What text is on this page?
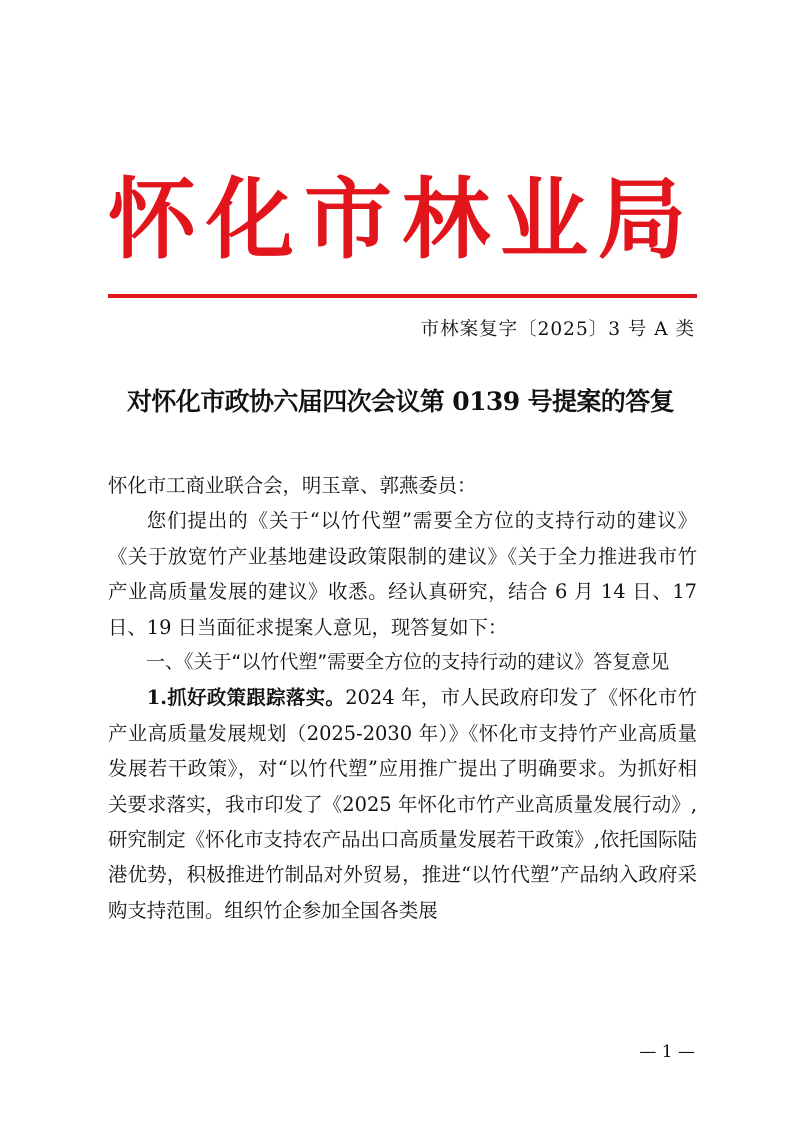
怀 化 市 林 业 局
市林案复字〔2025〕3 号 A 类
对怀化市政协六届四次会议第 0139 号提案的答复

怀化市工商业联合会，明玉章、郭燕委员：

您们提出的《关于“以竹代塑”需要全方位的支持行动的建议》《关于放宽竹产业基地建设政策限制的建议》《关于全力推进我市竹产业高质量发展的建议》收悉。经认真研究，结合 6 月 14 日、17 日、19 日当面征求提案人意见，现答复如下：

一、《关于“以竹代塑”需要全方位的支持行动的建议》答复意见

1.抓好政策跟踪落实。2024 年，市人民政府印发了《怀化市竹产业高质量发展规划（2025-2030 年）》《怀化市支持竹产业高质量发展若干政策》，对“以竹代塑”应用推广提出了明确要求。为抓好相关要求落实，我市印发了《2025 年怀化市竹产业高质量发展行动》,研究制定《怀化市支持农产品出口高质量发展若干政策》,依托国际陆港优势，积极推进竹制品对外贸易，推进“以竹代塑”产品纳入政府采购支持范围。组织竹企参加全国各类展

— 1 —
